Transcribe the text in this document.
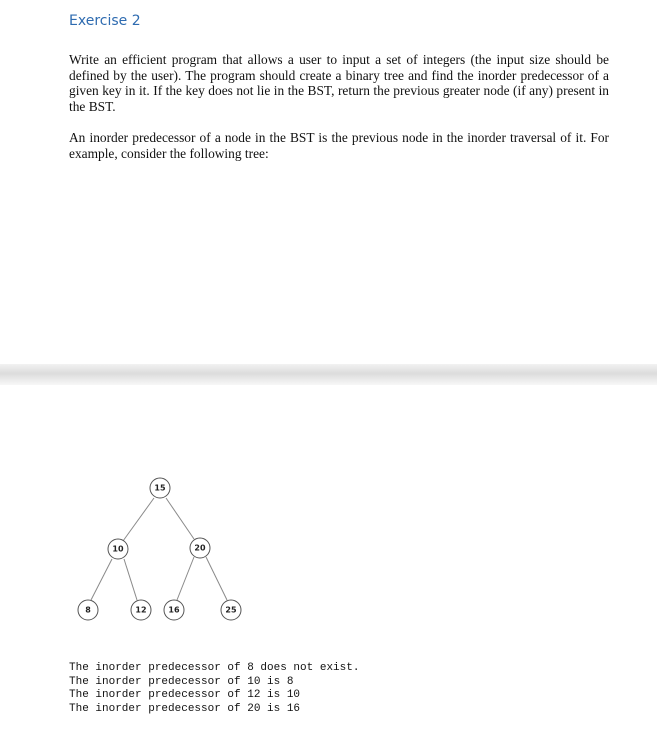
Exercise 2

Write an efficient program that allows a user to input a set of integers (the input size should be defined by the user). The program should create a binary tree and find the inorder predecessor of a given key in it. If the key does not lie in the BST, return the previous greater node (if any) present in the BST.

An inorder predecessor of a node in the BST is the previous node in the inorder traversal of it. For example, consider the following tree:

15
10	20
8	12	16	25
The inorder predecessor of 8 does not exist.
The inorder predecessor of 10 is 8
The inorder predecessor of 12 is 10
The inorder predecessor of 20 is 16
